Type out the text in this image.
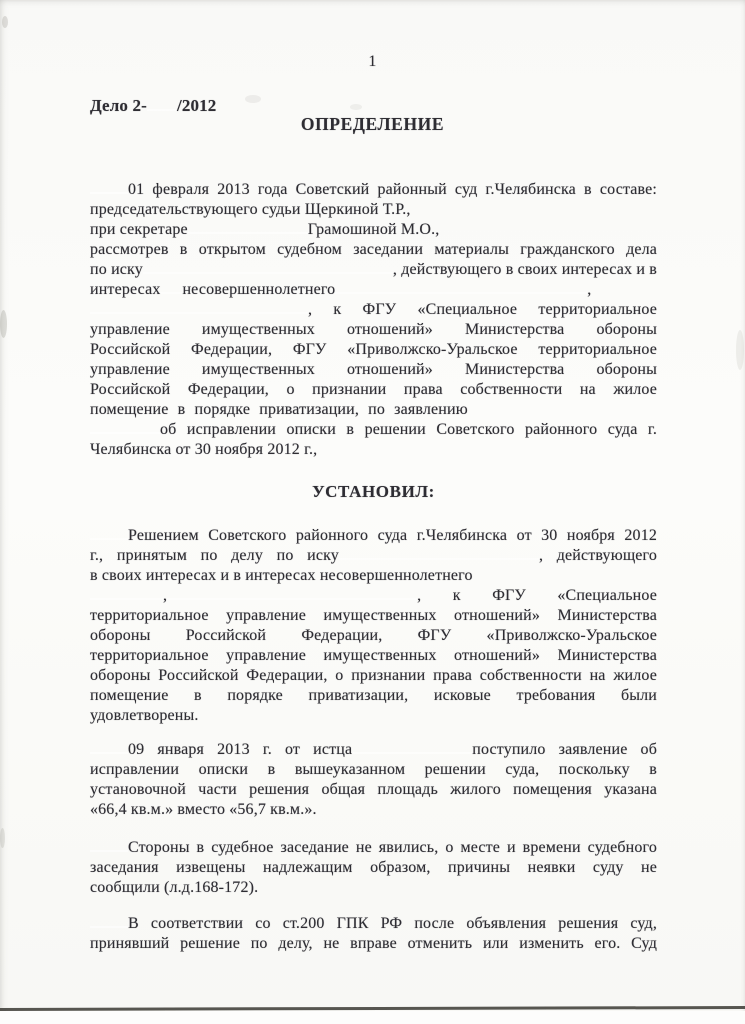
1
Дело 2- /2012
ОПРЕДЕЛЕНИЕ
01 февраля 2013 года Советский районный суд г.Челябинска в составе:
председательствующего судьи Щеркиной Т.Р.,
при секретаре	Грамошиной М.О.,
рассмотрев в открытом судебном заседании материалы гражданского дела
по иску	, действующего в своих интересах и в
интересах несовершеннолетнего	,
, к ФГУ «Специальное территориальное
управление имущественных отношений» Министерства обороны
Российской Федерации, ФГУ «Приволжско-Уральское территориальное
управление имущественных отношений» Министерства обороны
Российской Федерации, о признании права собственности на жилое
помещение в порядке приватизации, по заявлению
об исправлении описки в решении Советского районного суда г.
Челябинска от 30 ноября 2012 г.,
УСТАНОВИЛ:
Решением Советского районного суда г.Челябинска от 30 ноября 2012
г., принятым по делу по иску	, действующего
в своих интересах и в интересах несовершеннолетнего
,	, к ФГУ «Специальное
территориальное управление имущественных отношений» Министерства
обороны Российской Федерации, ФГУ «Приволжско-Уральское
территориальное управление имущественных отношений» Министерства
обороны Российской Федерации, о признании права собственности на жилое
помещение в порядке приватизации, исковые требования были
удовлетворены.
09 января 2013 г. от истца	поступило заявление об
исправлении описки в вышеуказанном решении суда, поскольку в
установочной части решения общая площадь жилого помещения указана
«66,4 кв.м.» вместо «56,7 кв.м.».
Стороны в судебное заседание не явились, о месте и времени судебного
заседания извещены надлежащим образом, причины неявки суду не
сообщили (л.д.168-172).
В соответствии со ст.200 ГПК РФ после объявления решения суд,
принявший решение по делу, не вправе отменить или изменить его. Суд
